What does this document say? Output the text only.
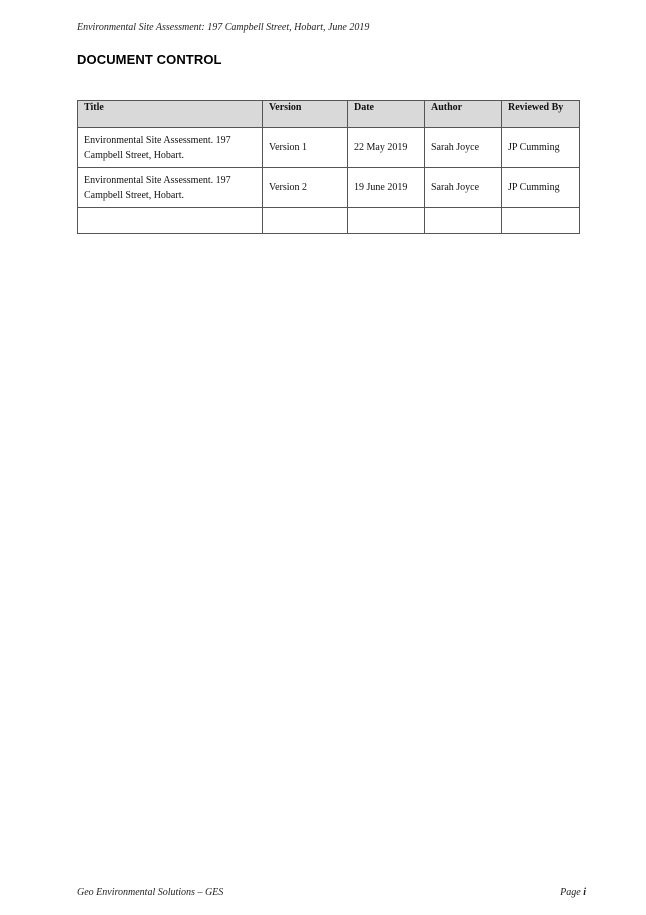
Environmental Site Assessment: 197 Campbell Street, Hobart, June 2019
DOCUMENT CONTROL
Title	Version	Date	Author	Reviewed By
Environmental Site Assessment. 197 Campbell Street, Hobart.	Version 1	22 May 2019	Sarah Joyce	JP Cumming
Environmental Site Assessment. 197 Campbell Street, Hobart.	Version 2	19 June 2019	Sarah Joyce	JP Cumming

Geo Environmental Solutions – GES	Page i
